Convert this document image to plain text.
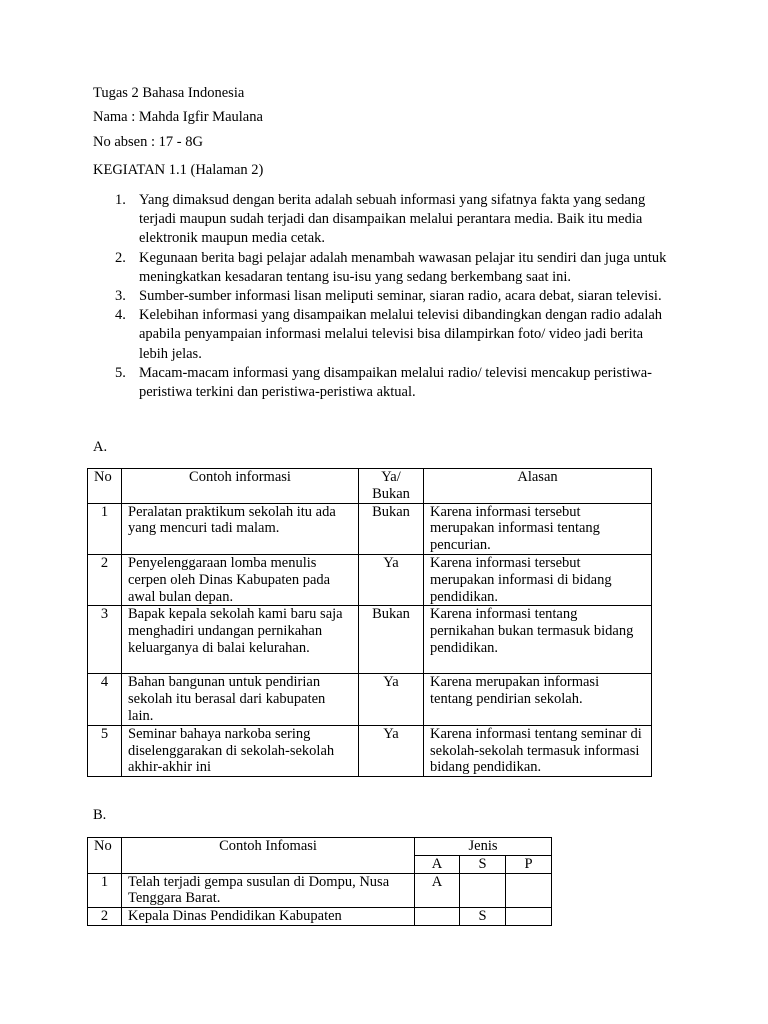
Tugas 2 Bahasa Indonesia
Nama : Mahda Igfir Maulana
No absen : 17 - 8G
KEGIATAN 1.1 (Halaman 2)
1. Yang dimaksud dengan berita adalah sebuah informasi yang sifatnya fakta yang sedang terjadi maupun sudah terjadi dan disampaikan melalui perantara media. Baik itu media elektronik maupun media cetak.
2. Kegunaan berita bagi pelajar adalah menambah wawasan pelajar itu sendiri dan juga untuk meningkatkan kesadaran tentang isu-isu yang sedang berkembang saat ini.
3. Sumber-sumber informasi lisan meliputi seminar, siaran radio, acara debat, siaran televisi.
4. Kelebihan informasi yang disampaikan melalui televisi dibandingkan dengan radio adalah apabila penyampaian informasi melalui televisi bisa dilampirkan foto/ video jadi berita lebih jelas.
5. Macam-macam informasi yang disampaikan melalui radio/ televisi mencakup peristiwa-peristiwa terkini dan peristiwa-peristiwa aktual.
A.
No	Contoh informasi	Ya/ Bukan	Alasan
1	Peralatan praktikum sekolah itu ada yang mencuri tadi malam.	Bukan	Karena informasi tersebut merupakan informasi tentang pencurian.
2	Penyelenggaraan lomba menulis cerpen oleh Dinas Kabupaten pada awal bulan depan.	Ya	Karena informasi tersebut merupakan informasi di bidang pendidikan.
3	Bapak kepala sekolah kami baru saja menghadiri undangan pernikahan keluarganya di balai kelurahan.	Bukan	Karena informasi tentang pernikahan bukan termasuk bidang pendidikan.
4	Bahan bangunan untuk pendirian sekolah itu berasal dari kabupaten lain.	Ya	Karena merupakan informasi tentang pendirian sekolah.
5	Seminar bahaya narkoba sering diselenggarakan di sekolah-sekolah akhir-akhir ini	Ya	Karena informasi tentang seminar di sekolah-sekolah termasuk informasi bidang pendidikan.
B.
No	Contoh Infomasi	Jenis		
		A	S	P
1	Telah terjadi gempa susulan di Dompu, Nusa Tenggara Barat.	A		
2	Kepala Dinas Pendidikan Kabupaten		S	
